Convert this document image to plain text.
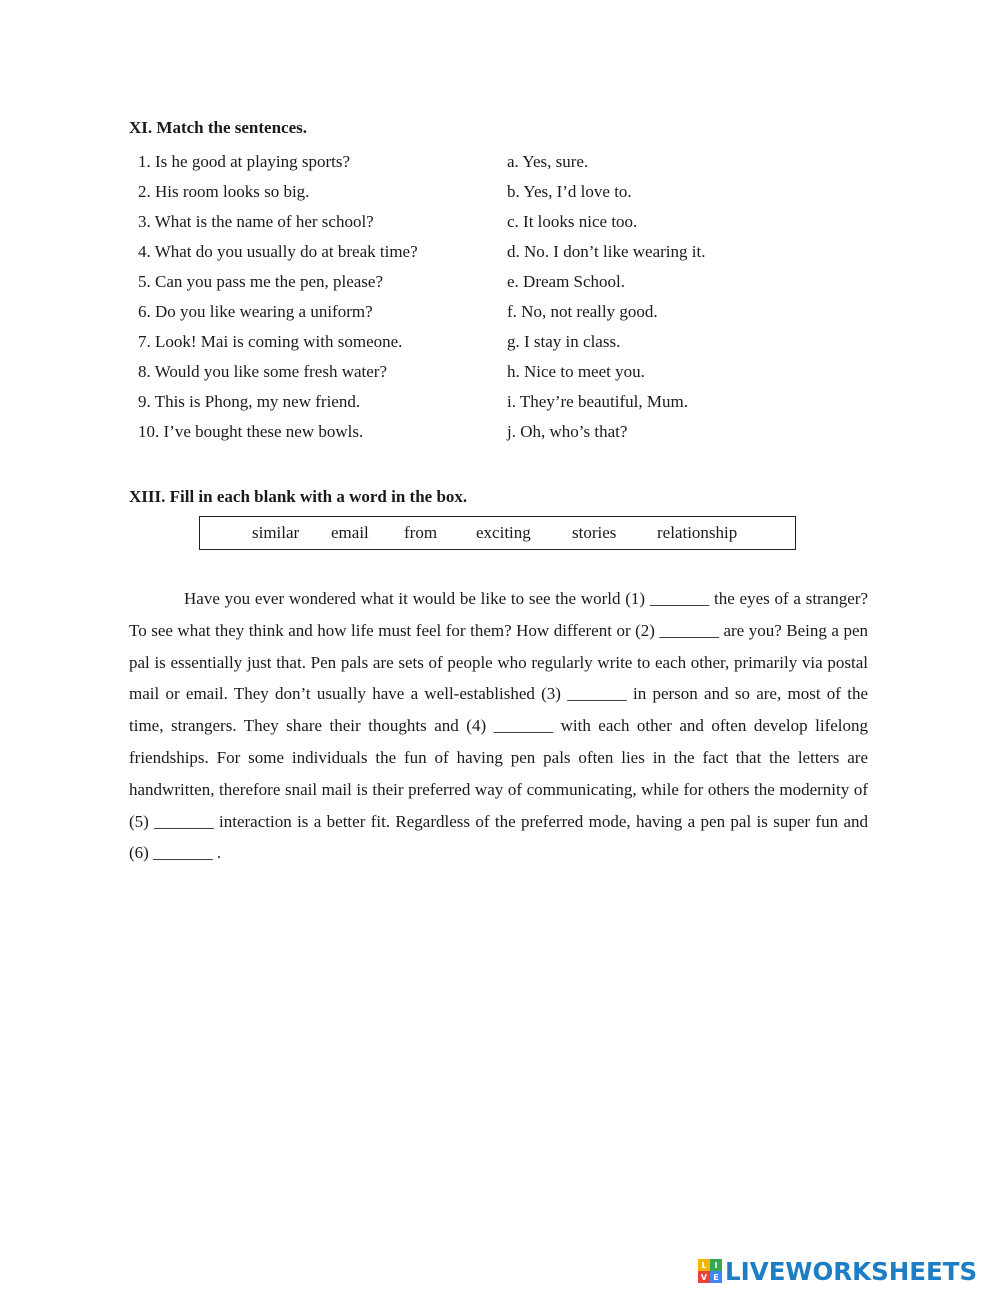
XI. Match the sentences.
1. Is he good at playing sports?	a. Yes, sure.
2. His room looks so big.	b. Yes, I’d love to.
3. What is the name of her school?	c. It looks nice too.
4. What do you usually do at break time?	d. No. I don’t like wearing it.
5. Can you pass me the pen, please?	e. Dream School.
6. Do you like wearing a uniform?	f. No, not really good.
7. Look! Mai is coming with someone.	g. I stay in class.
8. Would you like some fresh water?	h. Nice to meet you.
9. This is Phong, my new friend.	i. They’re beautiful, Mum.
10. I’ve bought these new bowls.	j. Oh, who’s that?
XIII. Fill in each blank with a word in the box.
similar email from exciting stories relationship

Have you ever wondered what it would be like to see the world (1) _______ the eyes of a stranger? To see what they think and how life must feel for them? How different or (2) _______ are you? Being a pen pal is essentially just that. Pen pals are sets of people who regularly write to each other, primarily via postal mail or email. They don’t usually have a well-established (3) _______ in person and so are, most of the time, strangers. They share their thoughts and (4) _______ with each other and often develop lifelong friendships. For some individuals the fun of having pen pals often lies in the fact that the letters are handwritten, therefore snail mail is their preferred way of communicating, while for others the modernity of (5) _______ interaction is a better fit. Regardless of the preferred mode, having a pen pal is super fun and (6) _______ .

L I
V E LIVEWORKSHEETS
